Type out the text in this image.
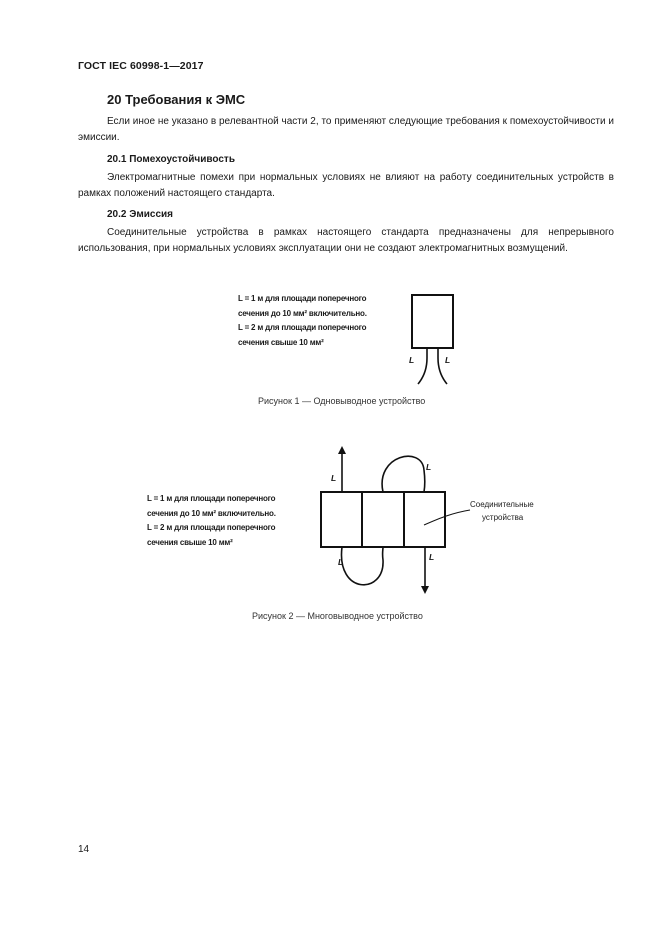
ГОСТ IEC 60998-1—2017
20 Требования к ЭМС
Если иное не указано в релевантной части 2, то применяют следующие требования к помехоустойчивости и эмиссии.
20.1 Помехоустойчивость
Электромагнитные помехи при нормальных условиях не влияют на работу соединительных устройств в рамках положений настоящего стандарта.
20.2 Эмиссия
Соединительные устройства в рамках настоящего стандарта предназначены для непрерывного использования, при нормальных условиях эксплуатации они не создают электромагнитных возмущений.
L = 1 м для площади поперечного
сечения до 10 мм² включительно.
L = 2 м для площади поперечного
сечения свыше 10 мм²
L	L
Рисунок 1 — Одновыводное устройство
L = 1 м для площади поперечного
сечения до 10 мм² включительно.
L = 2 м для площади поперечного
сечения свыше 10 мм²
L
L
L	L
Соединительные
устройства
Рисунок 2 — Многовыводное устройство
14
